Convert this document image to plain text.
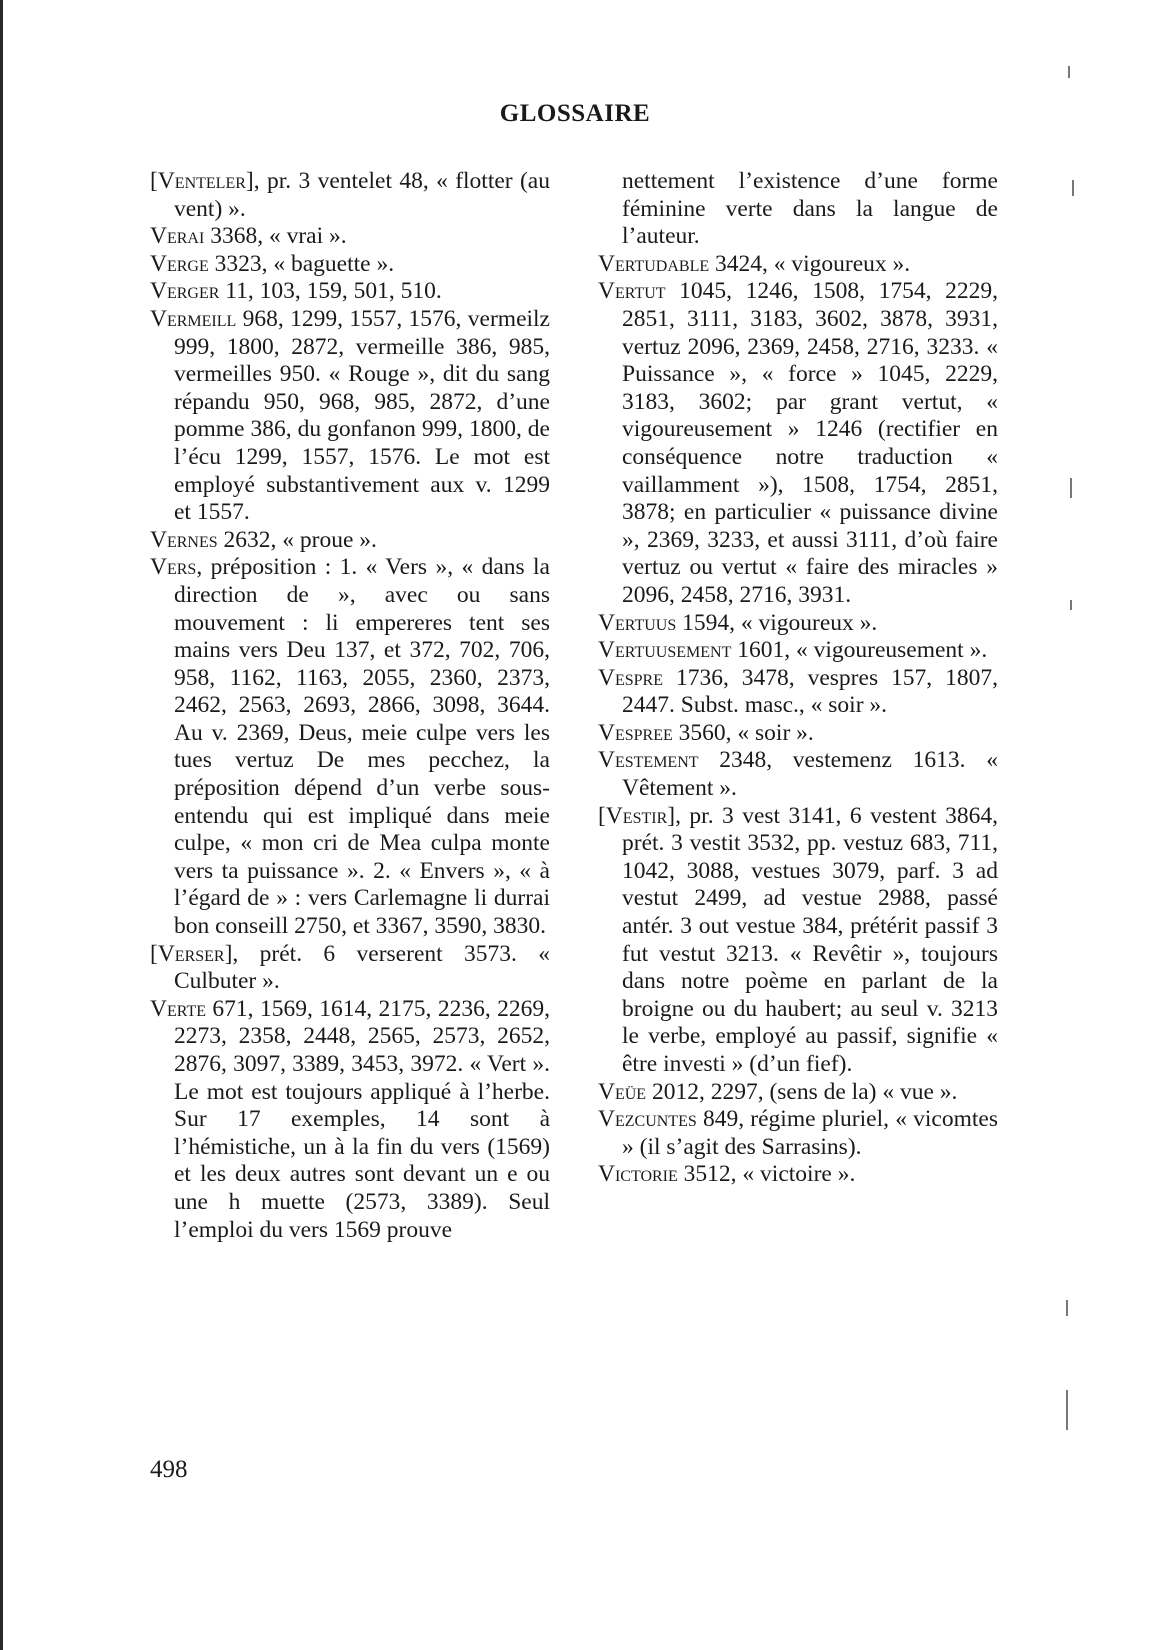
GLOSSAIRE

[Venteler], pr. 3 ventelet 48, « flotter (au vent) ».

Verai 3368, « vrai ».

Verge 3323, « baguette ».

Verger 11, 103, 159, 501, 510.

Vermeill 968, 1299, 1557, 1576, vermeilz 999, 1800, 2872, vermeille 386, 985, vermeilles 950. « Rouge », dit du sang répandu 950, 968, 985, 2872, d’une pomme 386, du gonfanon 999, 1800, de l’écu 1299, 1557, 1576. Le mot est employé substantivement aux v. 1299 et 1557.

Vernes 2632, « proue ».

Vers, préposition : 1. « Vers », « dans la direction de », avec ou sans mouvement : li empereres tent ses mains vers Deu 137, et 372, 702, 706, 958, 1162, 1163, 2055, 2360, 2373, 2462, 2563, 2693, 2866, 3098, 3644. Au v. 2369, Deus, meie culpe vers les tues vertuz De mes pecchez, la préposition dépend d’un verbe sous-entendu qui est impliqué dans meie culpe, « mon cri de Mea culpa monte vers ta puissance ». 2. « Envers », « à l’égard de » : vers Carlemagne li durrai bon conseill 2750, et 3367, 3590, 3830.

[Verser], prét. 6 verserent 3573. « Culbuter ».

Verte 671, 1569, 1614, 2175, 2236, 2269, 2273, 2358, 2448, 2565, 2573, 2652, 2876, 3097, 3389, 3453, 3972. « Vert ». Le mot est toujours appliqué à l’herbe. Sur 17 exemples, 14 sont à l’hémistiche, un à la fin du vers (1569) et les deux autres sont devant un e ou une h muette (2573, 3389). Seul l’emploi du vers 1569 prouve

nettement l’existence d’une forme féminine verte dans la langue de l’auteur.

Vertudable 3424, « vigoureux ».

Vertut 1045, 1246, 1508, 1754, 2229, 2851, 3111, 3183, 3602, 3878, 3931, vertuz 2096, 2369, 2458, 2716, 3233. « Puissance », « force » 1045, 2229, 3183, 3602; par grant vertut, « vigoureusement » 1246 (rectifier en conséquence notre traduction « vaillamment »), 1508, 1754, 2851, 3878; en particulier « puissance divine », 2369, 3233, et aussi 3111, d’où faire vertuz ou vertut « faire des miracles » 2096, 2458, 2716, 3931.

Vertuus 1594, « vigoureux ».

Vertuusement 1601, « vigoureusement ».

Vespre 1736, 3478, vespres 157, 1807, 2447. Subst. masc., « soir ».

Vespree 3560, « soir ».

Vestement 2348, vestemenz 1613. « Vêtement ».

[Vestir], pr. 3 vest 3141, 6 vestent 3864, prét. 3 vestit 3532, pp. vestuz 683, 711, 1042, 3088, vestues 3079, parf. 3 ad vestut 2499, ad vestue 2988, passé antér. 3 out vestue 384, prétérit passif 3 fut vestut 3213. « Revêtir », toujours dans notre poème en parlant de la broigne ou du haubert; au seul v. 3213 le verbe, employé au passif, signifie « être investi » (d’un fief).

Veüe 2012, 2297, (sens de la) « vue ».

Vezcuntes 849, régime pluriel, « vicomtes » (il s’agit des Sarrasins).

Victorie 3512, « victoire ».

498
